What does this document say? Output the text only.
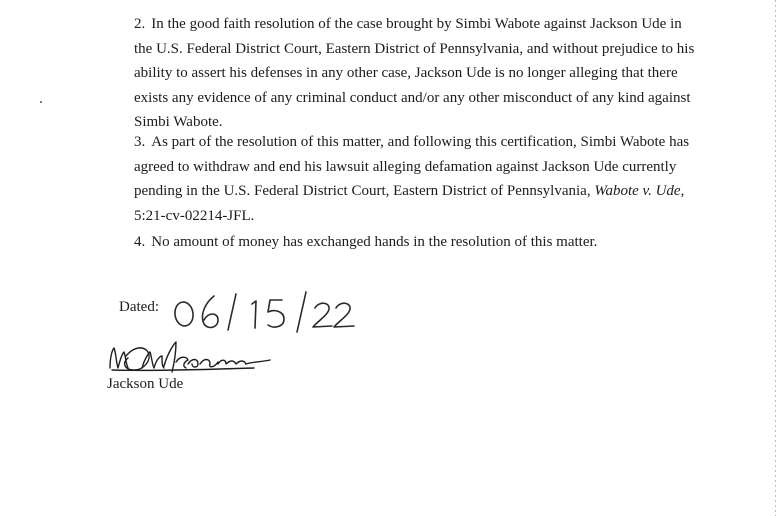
2. In the good faith resolution of the case brought by Simbi Wabote against Jackson Ude in
the U.S. Federal District Court, Eastern District of Pennsylvania, and without prejudice to his
ability to assert his defenses in any other case, Jackson Ude is no longer alleging that there
exists any evidence of any criminal conduct and/or any other misconduct of any kind against
Simbi Wabote.

3. As part of the resolution of this matter, and following this certification, Simbi Wabote has
agreed to withdraw and end his lawsuit alleging defamation against Jackson Ude currently
pending in the U.S. Federal District Court, Eastern District of Pennsylvania, Wabote v. Ude,
5:21-cv-02214-JFL.

4. No amount of money has exchanged hands in the resolution of this matter.

Dated:
Jackson Ude
